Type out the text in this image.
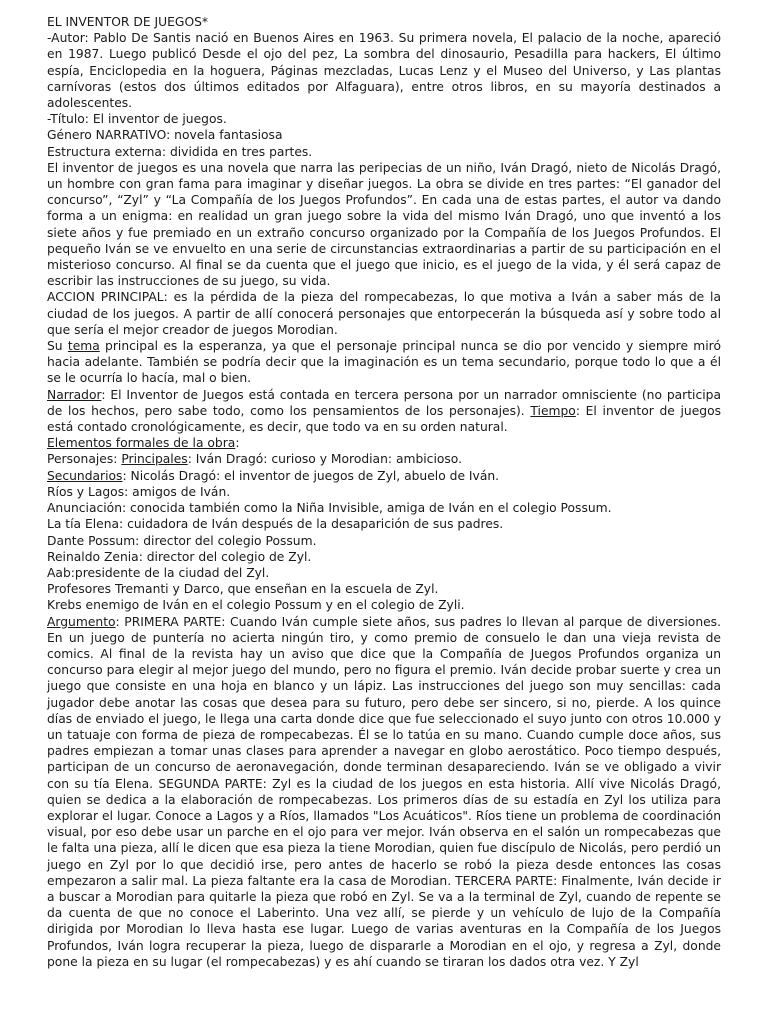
EL INVENTOR DE JUEGOS*

-Autor: Pablo De Santis nació en Buenos Aires en 1963. Su primera novela, El palacio de la noche, apareció en 1987. Luego publicó Desde el ojo del pez, La sombra del dinosaurio, Pesadilla para hackers, El último espía, Enciclopedia en la hoguera, Páginas mezcladas, Lucas Lenz y el Museo del Universo, y Las plantas carnívoras (estos dos últimos editados por Alfaguara), entre otros libros, en su mayoría destinados a adolescentes.

-Título: El inventor de juegos.

Género NARRATIVO: novela fantasiosa

Estructura externa: dividida en tres partes.

El inventor de juegos es una novela que narra las peripecias de un niño, Iván Dragó, nieto de Nicolás Dragó, un hombre con gran fama para imaginar y diseñar juegos. La obra se divide en tres partes: “El ganador del concurso”, “Zyl” y “La Compañía de los Juegos Profundos”. En cada una de estas partes, el autor va dando forma a un enigma: en realidad un gran juego sobre la vida del mismo Iván Dragó, uno que inventó a los siete años y fue premiado en un extraño concurso organizado por la Compañía de los Juegos Profundos. El pequeño Iván se ve envuelto en una serie de circunstancias extraordinarias a partir de su participación en el misterioso concurso. Al final se da cuenta que el juego que inicio, es el juego de la vida, y él será capaz de escribir las instrucciones de su juego, su vida.

ACCION PRINCIPAL: es la pérdida de la pieza del rompecabezas, lo que motiva a Iván a saber más de la ciudad de los juegos. A partir de allí conocerá personajes que entorpecerán la búsqueda así y sobre todo al que sería el mejor creador de juegos Morodian.

Su tema principal es la esperanza, ya que el personaje principal nunca se dio por vencido y siempre miró hacia adelante. También se podría decir que la imaginación es un tema secundario, porque todo lo que a él se le ocurría lo hacía, mal o bien.

Narrador: El Inventor de Juegos está contada en tercera persona por un narrador omnisciente (no participa de los hechos, pero sabe todo, como los pensamientos de los personajes). Tiempo: El inventor de juegos está contado cronológicamente, es decir, que todo va en su orden natural.

Elementos formales de la obra:

Personajes: Principales: Iván Dragó: curioso y Morodian: ambicioso.

Secundarios: Nicolás Dragó: el inventor de juegos de Zyl, abuelo de Iván.

Ríos y Lagos: amigos de Iván.

Anunciación: conocida también como la Niña Invisible, amiga de Iván en el colegio Possum.

La tía Elena: cuidadora de Iván después de la desaparición de sus padres.

Dante Possum: director del colegio Possum.

Reinaldo Zenia: director del colegio de Zyl.

Aab:presidente de la ciudad del Zyl.

Profesores Tremanti y Darco, que enseñan en la escuela de Zyl.

Krebs enemigo de Iván en el colegio Possum y en el colegio de Zyli.

Argumento: PRIMERA PARTE: Cuando Iván cumple siete años, sus padres lo llevan al parque de diversiones. En un juego de puntería no acierta ningún tiro, y como premio de consuelo le dan una vieja revista de comics. Al final de la revista hay un aviso que dice que la Compañía de Juegos Profundos organiza un concurso para elegir al mejor juego del mundo, pero no figura el premio. Iván decide probar suerte y crea un juego que consiste en una hoja en blanco y un lápiz. Las instrucciones del juego son muy sencillas: cada jugador debe anotar las cosas que desea para su futuro, pero debe ser sincero, si no, pierde. A los quince días de enviado el juego, le llega una carta donde dice que fue seleccionado el suyo junto con otros 10.000 y un tatuaje con forma de pieza de rompecabezas. Él se lo tatúa en su mano. Cuando cumple doce años, sus padres empiezan a tomar unas clases para aprender a navegar en globo aerostático. Poco tiempo después, participan de un concurso de aeronavegación, donde terminan desapareciendo. Iván se ve obligado a vivir con su tía Elena. SEGUNDA PARTE: Zyl es la ciudad de los juegos en esta historia. Allí vive Nicolás Dragó, quien se dedica a la elaboración de rompecabezas. Los primeros días de su estadía en Zyl los utiliza para explorar el lugar. Conoce a Lagos y a Ríos, llamados "Los Acuáticos". Ríos tiene un problema de coordinación visual, por eso debe usar un parche en el ojo para ver mejor. Iván observa en el salón un rompecabezas que le falta una pieza, allí le dicen que esa pieza la tiene Morodian, quien fue discípulo de Nicolás, pero perdió un juego en Zyl por lo que decidió irse, pero antes de hacerlo se robó la pieza desde entonces las cosas empezaron a salir mal. La pieza faltante era la casa de Morodian. TERCERA PARTE: Finalmente, Iván decide ir a buscar a Morodian para quitarle la pieza que robó en Zyl. Se va a la terminal de Zyl, cuando de repente se da cuenta de que no conoce el Laberinto. Una vez allí, se pierde y un vehículo de lujo de la Compañía dirigida por Morodian lo lleva hasta ese lugar. Luego de varias aventuras en la Compañía de los Juegos Profundos, Iván logra recuperar la pieza, luego de dispararle a Morodian en el ojo, y regresa a Zyl, donde pone la pieza en su lugar (el rompecabezas) y es ahí cuando se tiraran los dados otra vez. Y Zyl
